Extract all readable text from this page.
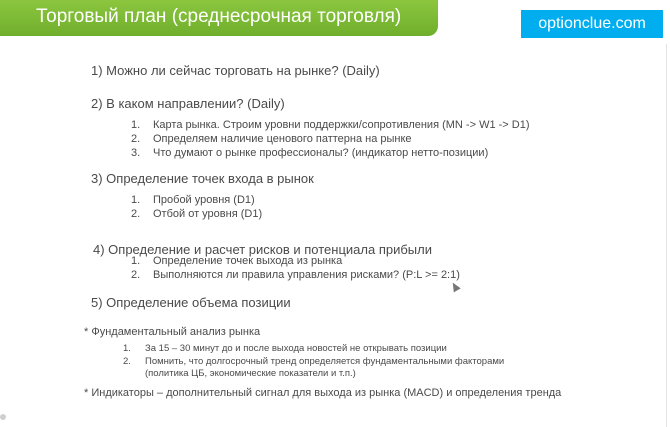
Торговый план (среднесрочная торговля)	optionclue.com
1) Можно ли сейчас торговать на рынке? (Daily)
2) В каком направлении? (Daily)
1. Карта рынка. Строим уровни поддержки/сопротивления (MN -> W1 -> D1)
2. Определяем наличие ценового паттерна на рынке
3. Что думают о рынке профессионалы? (индикатор нетто-позиции)
3) Определение точек входа в рынок
1. Пробой уровня (D1)
2. Отбой от уровня (D1)
4) Определение и расчет рисков и потенциала прибыли
1. Определение точек выхода из рынка
2. Выполняются ли правила управления рисками? (P:L >= 2:1)
5) Определение объема позиции
* Фундаментальный анализ рынка
1. За 15 – 30 минут до и после выхода новостей не открывать позиции
2. Помнить, что долгосрочный тренд определяется фундаментальными факторами
(политика ЦБ, экономические показатели и т.п.)
* Индикаторы – дополнительный сигнал для выхода из рынка (MACD) и определения тренда
